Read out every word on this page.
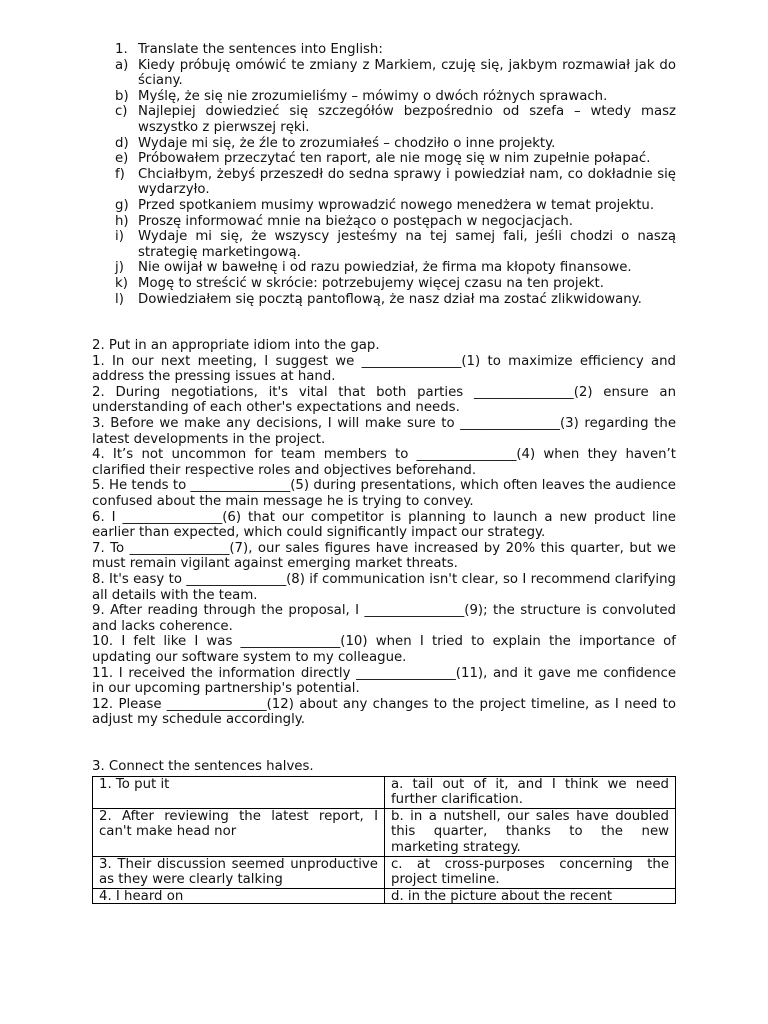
1. Translate the sentences into English:
a) Kiedy próbuję omówić te zmiany z Markiem, czuję się, jakbym rozmawiał jak do ściany.
b) Myślę, że się nie zrozumieliśmy – mówimy o dwóch różnych sprawach.
c) Najlepiej dowiedzieć się szczegółów bezpośrednio od szefa – wtedy masz wszystko z pierwszej ręki.
d) Wydaje mi się, że źle to zrozumiałeś – chodziło o inne projekty.
e) Próbowałem przeczytać ten raport, ale nie mogę się w nim zupełnie połapać.
f) Chciałbym, żebyś przeszedł do sedna sprawy i powiedział nam, co dokładnie się wydarzyło.
g) Przed spotkaniem musimy wprowadzić nowego menedżera w temat projektu.
h) Proszę informować mnie na bieżąco o postępach w negocjacjach.
i)	Wydaje mi się, że wszyscy jesteśmy na tej samej fali, jeśli chodzi o naszą strategię marketingową.
j)	Nie owijał w bawełnę i od razu powiedział, że firma ma kłopoty finansowe.
k) Mogę to streścić w skrócie: potrzebujemy więcej czasu na ten projekt.
l)	Dowiedziałem się pocztą pantoflową, że nasz dział ma zostać zlikwidowany.

2. Put in an appropriate idiom into the gap.

1. In our next meeting, I suggest we _______________(1) to maximize efficiency and address the pressing issues at hand.

2. During negotiations, it's vital that both parties _______________(2) ensure an understanding of each other's expectations and needs.

3. Before we make any decisions, I will make sure to _______________(3) regarding the latest developments in the project.

4. It’s not uncommon for team members to _______________(4) when they haven’t clarified their respective roles and objectives beforehand.

5. He tends to _______________(5) during presentations, which often leaves the audience confused about the main message he is trying to convey.

6. I _______________(6) that our competitor is planning to launch a new product line earlier than expected, which could significantly impact our strategy.

7. To _______________(7), our sales figures have increased by 20% this quarter, but we must remain vigilant against emerging market threats.

8. It's easy to _______________(8) if communication isn't clear, so I recommend clarifying all details with the team.

9. After reading through the proposal, I _______________(9); the structure is convoluted and lacks coherence.

10. I felt like I was _______________(10) when I tried to explain the importance of updating our software system to my colleague.

11. I received the information directly _______________(11), and it gave me confidence in our upcoming partnership's potential.

12. Please _______________(12) about any changes to the project timeline, as I need to adjust my schedule accordingly.

3. Connect the sentences halves.

1. To put it	a. tail out of it, and I think we need further clarification.
2. After reviewing the latest report, I can't make head nor	b. in a nutshell, our sales have doubled this quarter, thanks to the new marketing strategy.
3. Their discussion seemed unproductive as they were clearly talking	c. at cross-purposes concerning the project timeline.

4. I heard on	d. in the picture about the recent
